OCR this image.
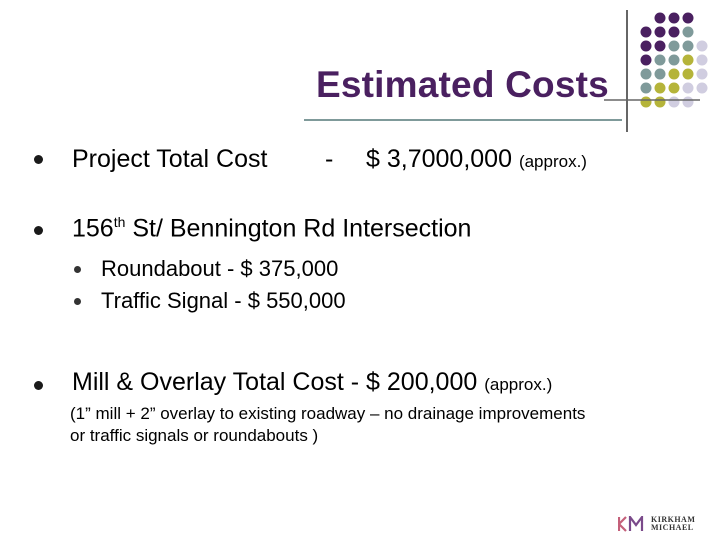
Estimated Costs
Project Total Cost - $ 3,7000,000 (approx.)
156th St/ Bennington Rd Intersection
Roundabout - $ 375,000
Traffic Signal - $ 550,000
Mill & Overlay Total Cost - $ 200,000 (approx.)
(1” mill + 2” overlay to existing roadway – no drainage improvements
or traffic signals or roundabouts )
KIRKHAM
MICHAEL
